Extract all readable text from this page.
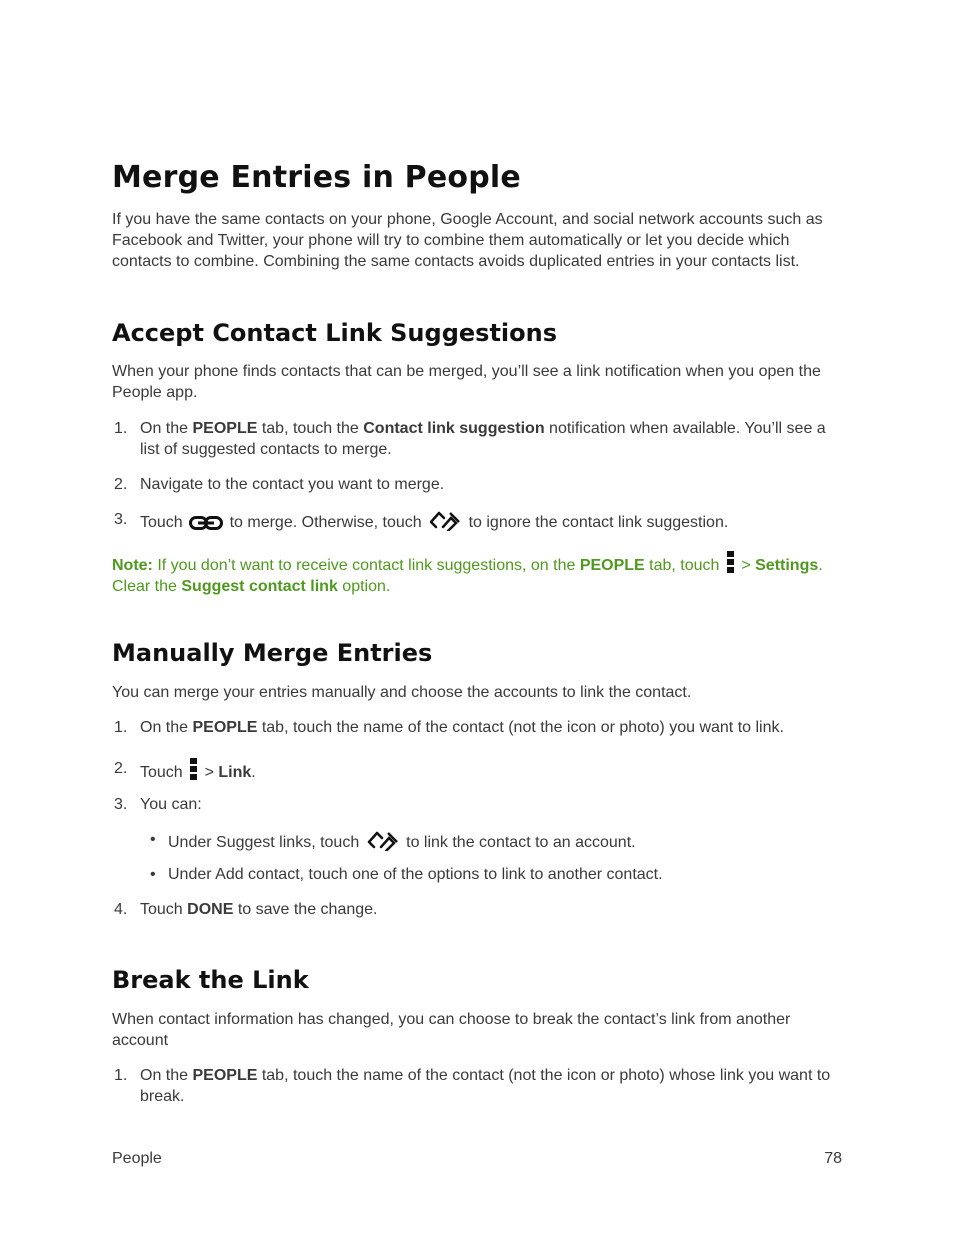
Merge Entries in People

If you have the same contacts on your phone, Google Account, and social network accounts such as Facebook and Twitter, your phone will try to combine them automatically or let you decide which contacts to combine. Combining the same contacts avoids duplicated entries in your contacts list.

Accept Contact Link Suggestions

When your phone finds contacts that can be merged, you’ll see a link notification when you open the People app.

1. On the PEOPLE tab, touch the Contact link suggestion notification when available. You’ll see a list of suggested contacts to merge.
2. Navigate to the contact you want to merge.
3. Touch  to merge. Otherwise, touch  to ignore the contact link suggestion.

Note: If you don’t want to receive contact link suggestions, on the PEOPLE tab, touch
> Settings. Clear the Suggest contact link option.

Manually Merge Entries

You can merge your entries manually and choose the accounts to link the contact.

1. On the PEOPLE tab, touch the name of the contact (not the icon or photo) you want to link.
2. Touch
> Link.
3. You can:
• Under Suggest links, touch  to link the contact to an account.
• Under Add contact, touch one of the options to link to another contact.
4. Touch DONE to save the change.
Break the Link

When contact information has changed, you can choose to break the contact’s link from another account

1. On the PEOPLE tab, touch the name of the contact (not the icon or photo) whose link you want to break.
People	78
